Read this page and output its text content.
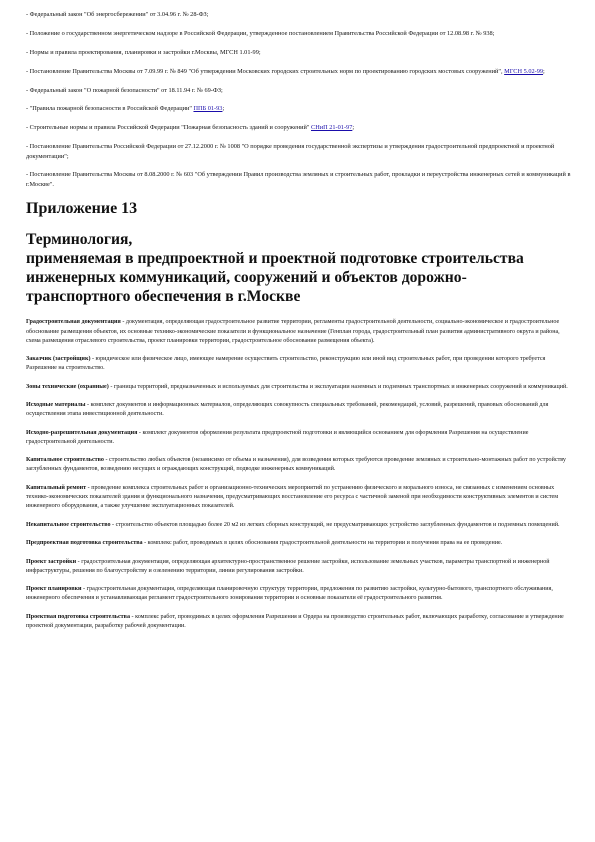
- Федеральный закон "Об энергосбережении" от 3.04.96 г. № 28-ФЗ;

- Положение о государственном энергетическом надзоре в Российской Федерации, утвержденное постановлением Правительства Российской Федерации от 12.08.98 г. № 938;

- Нормы и правила проектирования, планировки и застройки г.Москвы, МГСН 1.01-99;

- Постановление Правительства Москвы от 7.09.99 г. № 849 "Об утверждении Московских городских строительных норм по проектированию городских мостовых сооружений", МГСН 5.02-99;

- Федеральный закон "О пожарной безопасности" от 18.11.94 г. № 69-ФЗ;

- "Правила пожарной безопасности в Российской Федерации" ППБ 01-93;

- Строительные нормы и правила Российской Федерации "Пожарная безопасность зданий и сооружений" СНиП 21-01-97;

- Постановление Правительства Российской Федерации от 27.12.2000 г. № 1008 "О порядке проведения государственной экспертизы и утверждения градостроительной предпроектной и проектной документации";

- Постановление Правительства Москвы от 8.08.2000 г. № 603 "Об утверждении Правил производства земляных и строительных работ, прокладки и переустройства инженерных сетей и коммуникаций в г.Москве".

Приложение 13
Терминология,
применяемая в предпроектной и проектной подготовке строительства инженерных коммуникаций, сооружений и объектов дорожно-транспортного обеспечения в г.Москве

Градостроительная документация - документация, определяющая градостроительное развитие территории, регламенты градостроительной деятельности, социально-экономическое и градостроительное обоснование размещения объектов, их основные технико-экономические показатели и функциональное назначение (Генплан города, градостроительный план развития административного округа и района, схема размещения отраслевого строительства, проект планировки территории, градостроительное обоснование размещения объекта).

Заказчик (застройщик) - юридическое или физическое лицо, имеющее намерение осуществить строительство, реконструкцию или иной вид строительных работ, при проведении которого требуется Разрешение на строительство.

Зоны технические (охранные) - границы территорий, предназначенных и используемых для строительства и эксплуатации наземных и подземных транспортных и инженерных сооружений и коммуникаций.

Исходные материалы - комплект документов и информационных материалов, определяющих совокупность специальных требований, рекомендаций, условий, разрешений, правовых обоснований для осуществления этапа инвестиционной деятельности.

Исходно-разрешительная документация - комплект документов оформления результата предпроектной подготовки и являющийся основанием для оформления Разрешения на осуществление градостроительной деятельности.

Капитальное строительство - строительство любых объектов (независимо от объема и назначения), для возведения которых требуются проведение земляных и строительно-монтажных работ по устройству заглубленных фундаментов, возведению несущих и ограждающих конструкций, подводке инженерных коммуникаций.

Капитальный ремонт - проведение комплекса строительных работ и организационно-технических мероприятий по устранению физического и морального износа, не связанных с изменением основных технико-экономических показателей здания и функционального назначения, предусматривающих восстановление его ресурса с частичной заменой при необходимости конструктивных элементов и систем инженерного оборудования, а также улучшение эксплуатационных показателей.

Некапитальное строительство - строительство объектов площадью более 20 м2 из легких сборных конструкций, не предусматривающих устройство заглубленных фундаментов и подземных помещений.

Предпроектная подготовка строительства - комплекс работ, проводимых в целях обоснования градостроительной деятельности на территории и получения права на ее проведение.

Проект застройки - градостроительная документация, определяющая архитектурно-пространственное решение застройки, использование земельных участков, параметры транспортной и инженерной инфраструктуры, решения по благоустройству и озеленению территории, линии регулирования застройки.

Проект планировки - градостроительная документация, определяющая планировочную структуру территории, предложения по развитию застройки, культурно-бытового, транспортного обслуживания, инженерного обеспечения и устанавливающая регламент градостроительного зонирования территории и основные показатели её градостроительного развития.

Проектная подготовка строительства - комплекс работ, проводимых в целях оформления Разрешения и Ордера на производство строительных работ, включающих разработку, согласование и утверждение проектной документации, разработку рабочей документации.
